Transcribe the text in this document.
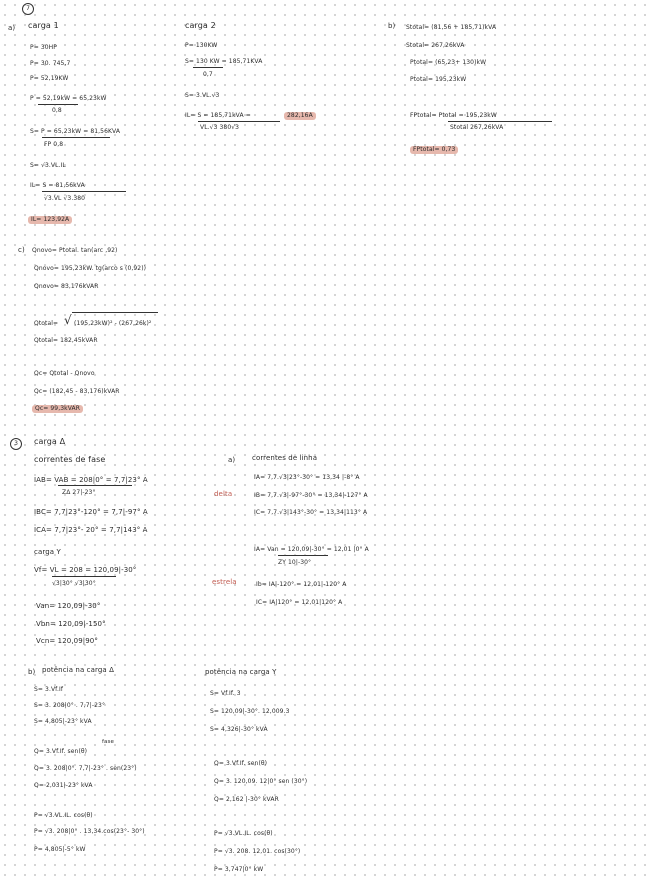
7
a) carga 1
P= 30HP
P= 30. 745,7
P= 52,19KW
P = 52,19kW = 65,23kW
0,8
S= P = 65,23kW = 81,56KVA
FP 0,8
S= √3.VL.IL
IL= S = 81,56kVA
√3.VL √3.380
IL= 123,92A
carga 2
P= 130KW
S= 130 KW = 185,71KVA
0,7
S= 3.VL.√3
IL= S = 185,71kVA =	282,16A
VL.√3 380√3
b) Stotal= (81,56 + 185,71)kVA
Stotal= 267,26kVA
Ptotal= (65,23+ 130)kW
Ptotal= 195,23kW
FPtotal= Ptotal = 195,23kW
Stotal 267,26kVA
FPtotal= 0,73
c) Qnovo= Ptotal. tan(arc ,92)
Qnovo= 195,23kW. tg(arco s (0,92))
Qnovo= 83,176kVAR
Qtotal= √ (195,23kW)² - (267,26k)²
Qtotal= 182,45kVAR
Qc= Qtotal - Qnovo
Qc= (182,45 - 83,176)kVAR
Qc= 99,3kVAR
3	carga Δ
correntes de fase
IAB= VAB = 208|0° = 7,7|23° A
ZΔ 27|-23°
IBC= 7,7|23°-120° = 7,7|-97° A
ICA= 7,7|23°- 20° = 7,7|143° A
carga Y
Vf= VL = 208 = 120,09|-30°
√3|30° √3|30°
Van= 120,09|-30°
Vbn= 120,09|-150°
Vcn= 120,09|90°
a) correntes de linha
delta
IA= 7,7.√3|23°-30° = 13,34 |-8° A
IB= 7,7.√3|-97°-30° = 13,34|-127° A
IC= 7,7.√3|143°-30° = 13,34|113° A
IA= Van = 120,09|-30° = 12,01 |0° A
ZY 10|-30°
estrela	Ib= IA|-120° = 12,01|-120° A
IC= IA|120° = 12,01|120° A
b) potência na carga Δ
S= 3.Vf.If
S= 3. 208|0° . 7,7|-23°
S= 4,805|-23° kVA
fase
Q= 3.Vf.If. sen(θ)
Q= 3. 208|0°. 7,7|-23° . sen(23°)
Q= 2,031|-23° kVA
P= √3.VL.IL. cos(θ)
P= √3. 208|0° . 13,34.cos(23°- 30°)
P= 4,805|-5° kW
potência na carga Y
S= Vf.If. 3
S= 120,09|-30°. 12,009.3
S= 4,326|-30° kVA
Q= 3.Vf.If. sen(θ)
Q= 3. 120,09. 12|0° sen (30°)
Q= 2,162 |-30° kVAR
P= √3.VL.IL. cos(θ)
P= √3. 208. 12,01. cos(30°)
P= 3,747|0° kW
